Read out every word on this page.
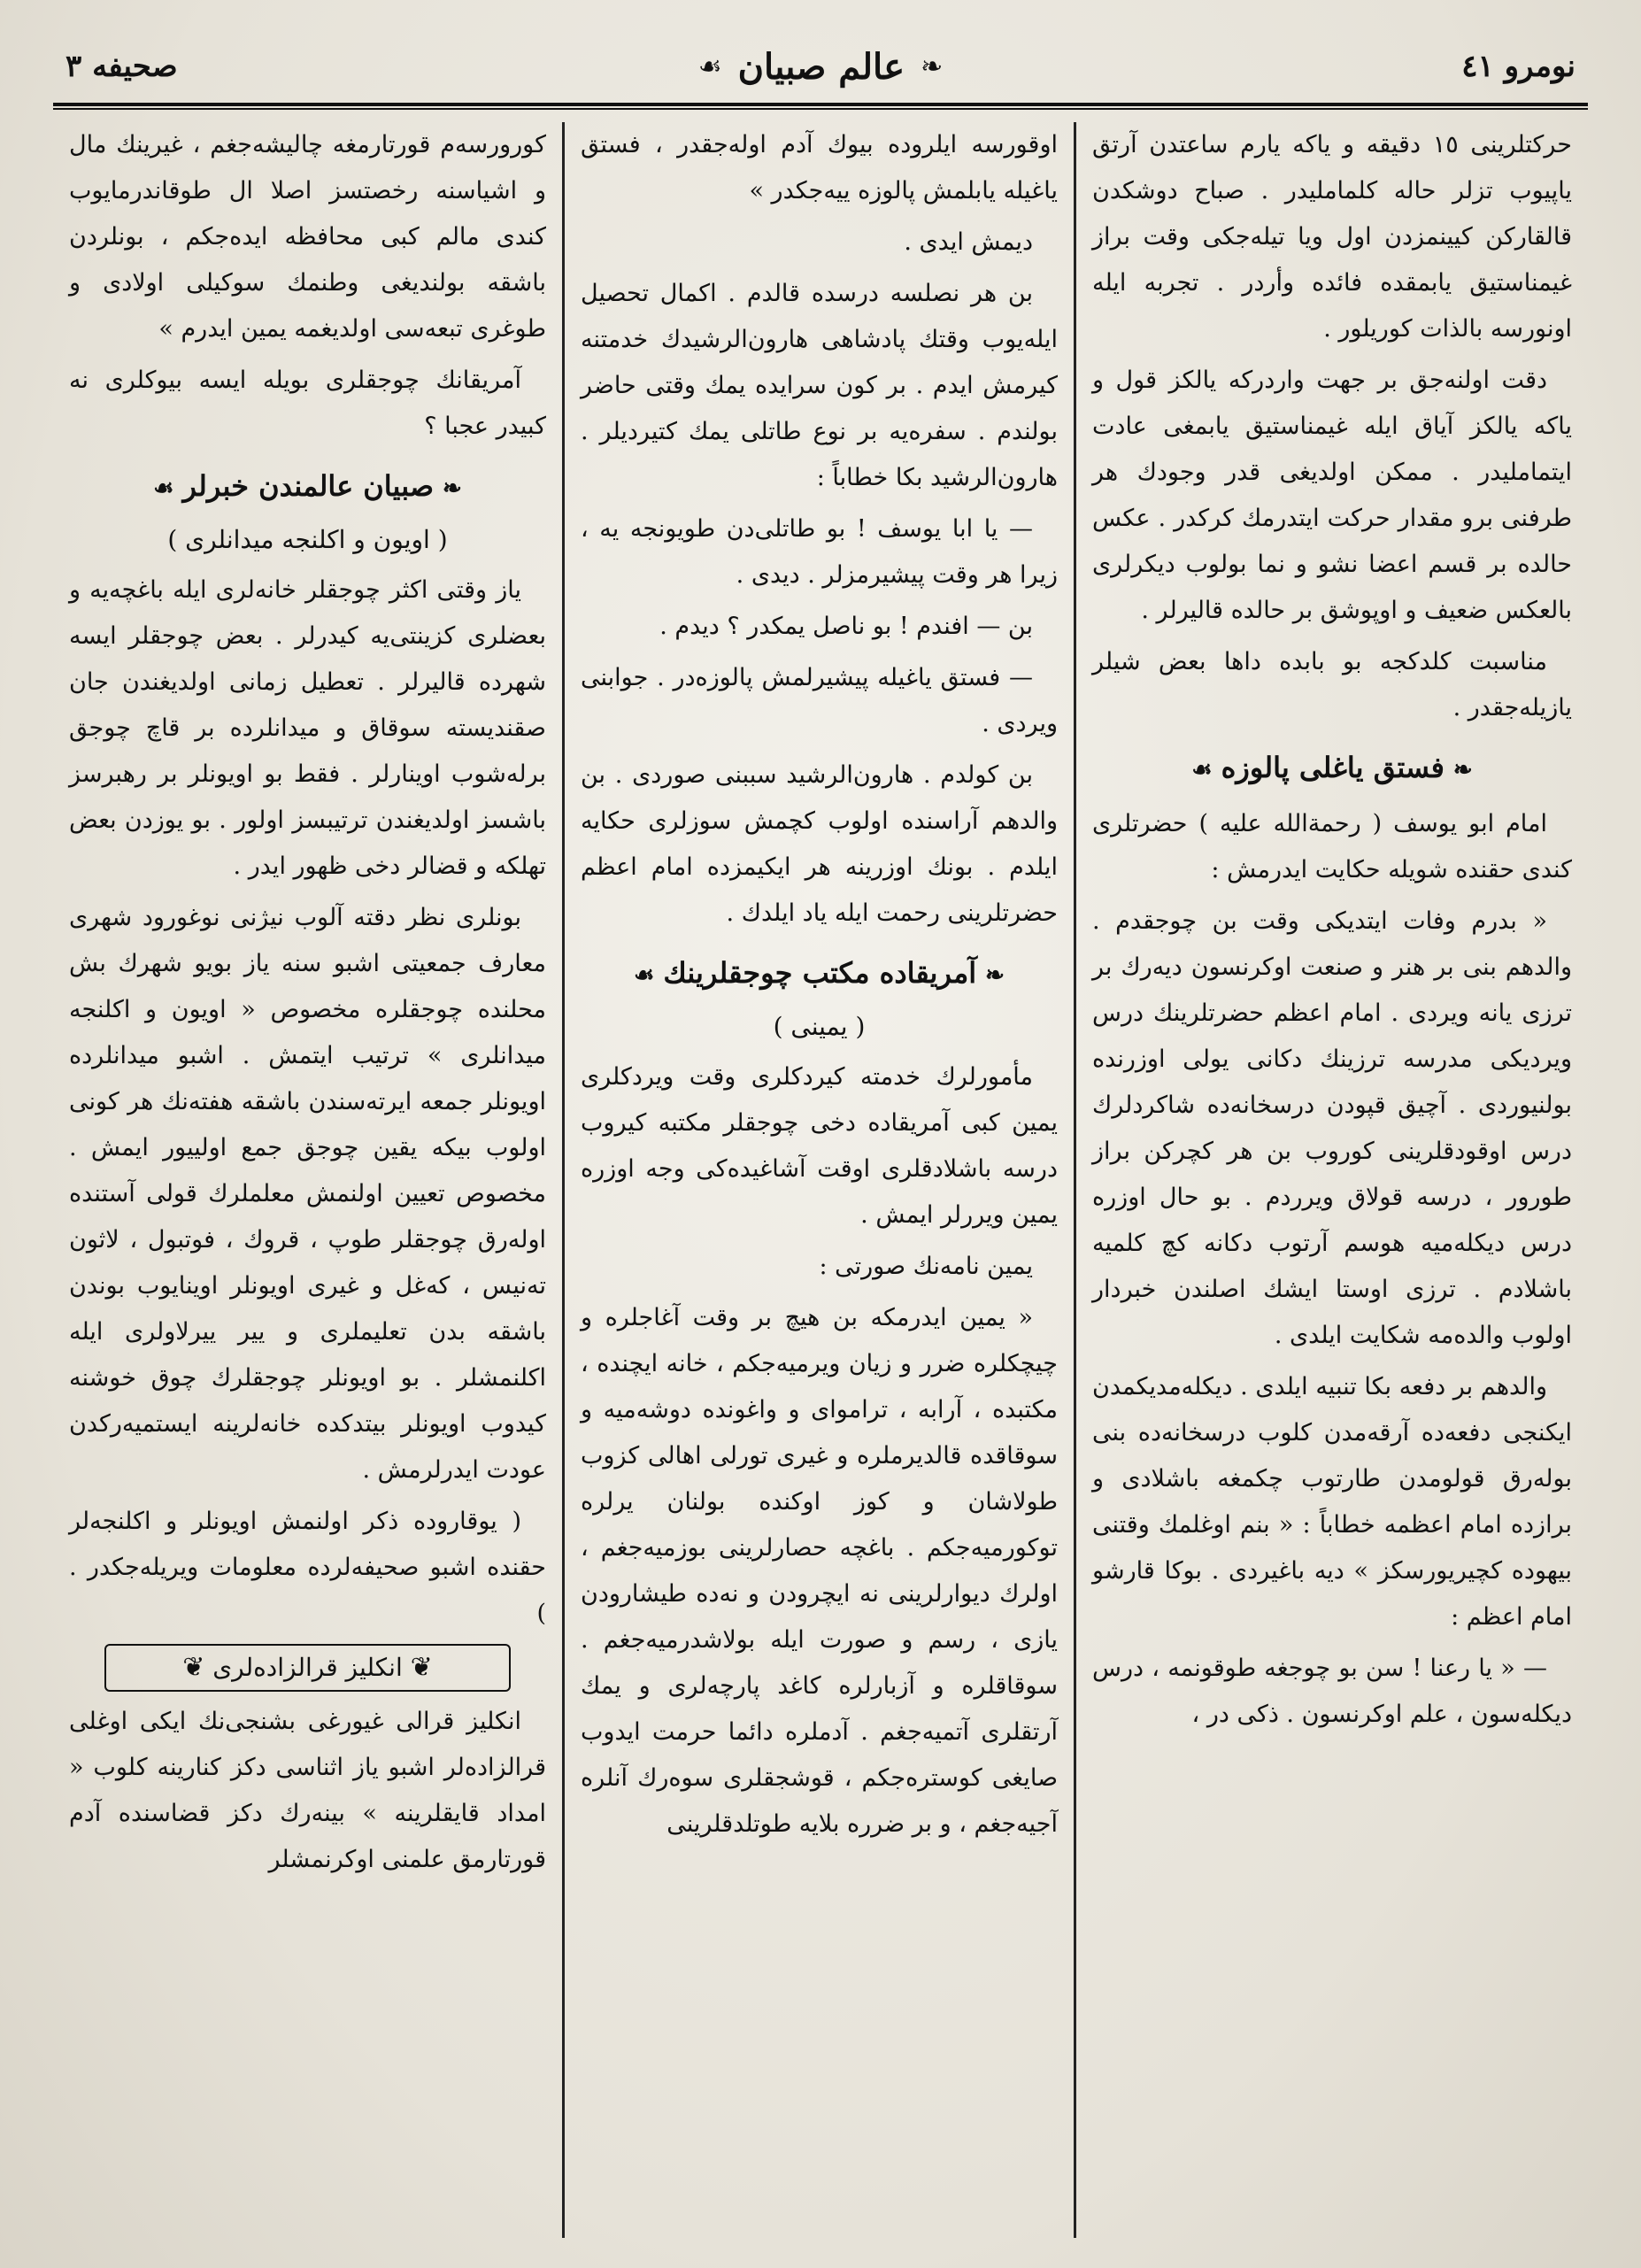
نومرو ٤١
❧
عالم صبيان
☙
صحيفه ٣

حركتلرينی ١٥ دقيقه و ياكه يارم ساعتدن آرتق ياپيوب تزلر حاله كلمامليدر . صباح دوشكدن قالقاركن كيينمزدن اول ويا تيله‌جكی وقت براز غيمناستيق يابمقده فائده وأردر . تجربه ايله اونورسه بالذات كوريلور .

دقت اولنه‌جق بر جهت واردركه يالكز قول و ياكه يالكز آياق ايله غيمناستيق يابمغی عادت ايتماملیدر . ممكن اولديغی قدر وجودك هر طرفنی برو مقدار حركت ايتدرمك كركدر . عكس حالده بر قسم اعضا نشو و نما بولوب ديكرلری بالعكس ضعيف و اوپوشق بر حالده قاليرلر .

مناسبت كلدكجه بو بابده داها بعض شيلر يازيله‌جقدر .

❧فستق ياغلی پالوزه☙

امام ابو يوسف ( رحمةالله عليه ) حضرتلری كندی حقنده شويله حكايت ايدرمش :

« بدرم وفات ايتديكی وقت بن چوجقدم . والدهم بنی بر هنر و صنعت اوكرنسون ديه‌رك بر ترزی يانه ويردی . امام اعظم حضرتلرينك درس ويرديكی مدرسه ترزينك دكانی يولی اوزرنده بولنيوردی . آچيق قپودن درسخانه‌ده شاكردلرك درس اوقودقلرينی كوروب بن هر كچركن براز طورور ، درسه قولاق ويرردم . بو حال اوزره درس ديكله‌ميه هوسم آرتوب دكانه كچ كلميه باشلادم . ترزی اوستا ايشك اصلندن خبردار اولوب والده‌مه شكايت ايلدی .

والدهم بر دفعه بكا تنبيه ايلدی . ديكله‌مديكمدن ايكنجی دفعه‌ده آرقه‌مدن كلوب درسخانه‌ده بنی بوله‌رق قولومدن طارتوب چكمغه باشلادی و برازده امام اعظمه خطاباً : « بنم اوغلمك وقتنی بيهوده كچيريورسكز » ديه باغيردی . بوكا قارشو امام اعظم :

— « يا رعنا ! سن بو چوجغه طوقونمه ، درس ديكله‌سون ، علم اوكرنسون . ذكی در ،

اوقورسه ايلروده بيوك آدم اوله‌جقدر ، فستق ياغيله يابلمش پالوزه ييه‌جكدر »

ديمش ايدی .

بن هر نصلسه درسده قالدم . اكمال تحصيل ايله‌يوب وقتك پادشاهی هارون‌الرشيدك خدمتنه كيرمش ايدم . بر كون سرايده يمك وقتی حاضر بولندم . سفره‌يه بر نوع طاتلی يمك كتيرديلر . هارون‌الرشيد بكا خطاباً :

— يا ابا يوسف ! بو طاتلی‌دن طويونجه يه ، زيرا هر وقت پيشيرمزلر . ديدی .

بن — افندم ! بو ناصل يمكدر ؟ ديدم .

— فستق ياغيله پيشيرلمش پالوزه‌در . جوابنی ويردی .

بن كولدم . هارون‌الرشيد سببنی صوردی . بن والدهم آراسنده اولوب كچمش سوزلری حكايه ايلدم . بونك اوزرينه هر ايكيمزده امام اعظم حضرتلرينی رحمت ايله ياد ايلدك .

❧آمريقاده مكتب چوجقلرينك☙
( يمينی )

مأمورلرك خدمته كيردكلری وقت ويردكلری يمين كبی آمريقاده دخی چوجقلر مكتبه كيروب درسه باشلادقلری اوقت آشاغيده‌كی وجه اوزره يمين ويررلر ايمش .

يمين نامه‌نك صورتی :

« يمين ايدرمكه بن هيچ بر وقت آغاجلره و چيچكلره ضرر و زيان ويرميه‌جكم ، خانه ايچنده ، مكتبده ، آرابه ، ترامواى و واغونده دوشه‌ميه و سوقاقده قالديرملره و غيری تورلی اهالی كزوب طولاشان و كوز اوكنده بولنان يرلره توكورميه‌جكم . باغچه حصارلرينی بوزميه‌جغم ، اولرك ديوارلرينی نه ايچرودن و نه‌ده طيشارودن يازی ، رسم و صورت ايله بولاشدرميه‌جغم . سوقاقلره و آزبارلره كاغد پارچه‌لری و يمك آرتقلری آتميه‌جغم . آدملره دائما حرمت ايدوب صايغی كوستره‌جكم ، قوشجقلری سوه‌رك آنلره آجيه‌جغم ، و بر ضرره بلايه طوتلدقلرينی

كورورسه‌م قورتارمغه چاليشه‌جغم ، غيرينك مال و اشياسنه رخصتسز اصلا ال طوقاندرمايوب كندی مالم كبی محافظه ايده‌جكم ، بونلردن باشقه بولنديغی وطنمك سوكيلی اولادی و طوغری تبعه‌سی اولديغمه يمين ايدرم »

آمريقانك چوجقلری بويله ايسه بيوكلری نه كبيدر عجبا ؟

❧صبيان عالمندن خبرلر☙
( اويون و اكلنجه ميدانلری )

ياز وقتی اكثر چوجقلر خانه‌لری ايله باغچه‌يه و بعضلری كزينتی‌يه كيدرلر . بعض چوجقلر ايسه شهرده قاليرلر . تعطيل زمانی اولديغندن جان صقنديسته سوقاق و ميدانلرده بر قاچ چوجق برله‌شوب اوينارلر . فقط بو اويونلر بر رهبرسز باشسز اولديغندن ترتيبسز اولور . بو يوزدن بعض تهلكه و قضالر دخی ظهور ايدر .

بونلری نظر دقته آلوب نيژنی نوغورود شهری معارف جمعيتی اشبو سنه ياز بويو شهرك بش محلنده چوجقلره مخصوص « اويون و اكلنجه ميدانلری » ترتيب ايتمش . اشبو ميدانلرده اويونلر جمعه ايرته‌سندن باشقه هفته‌نك هر كونی اولوب بيكه يقين چوجق جمع اولييور ايمش . مخصوص تعيين اولنمش معلملرك قولی آستنده اوله‌رق چوجقلر طوپ ، قروك ، فوتبول ، لاثون تەنيس ، كه‌غل و غيری اويونلر اوينايوب بوندن باشقه بدن تعليملری و يير ييرلاولری ايله اكلنمشلر . بو اويونلر چوجقلرك چوق خوشنه كيدوب اويونلر بيتدكده خانه‌لرينه ايستميه‌ركدن عودت ايدرلرمش .

( يوقاروده ذكر اولنمش اويونلر و اكلنجه‌لر حقنده اشبو صحيفه‌لرده معلومات ويريله‌جكدر . )

❦ انكليز قرالزاده‌لری ❦

انكليز قرالی غيورغی بشنجی‌نك ايكی اوغلی قرالزاده‌لر اشبو ياز اثناسی دكز كنارينه كلوب « امداد قايقلرينه » بينه‌رك دكز قضاسنده آدم قورتارمق علمنی اوكرنمشلر
